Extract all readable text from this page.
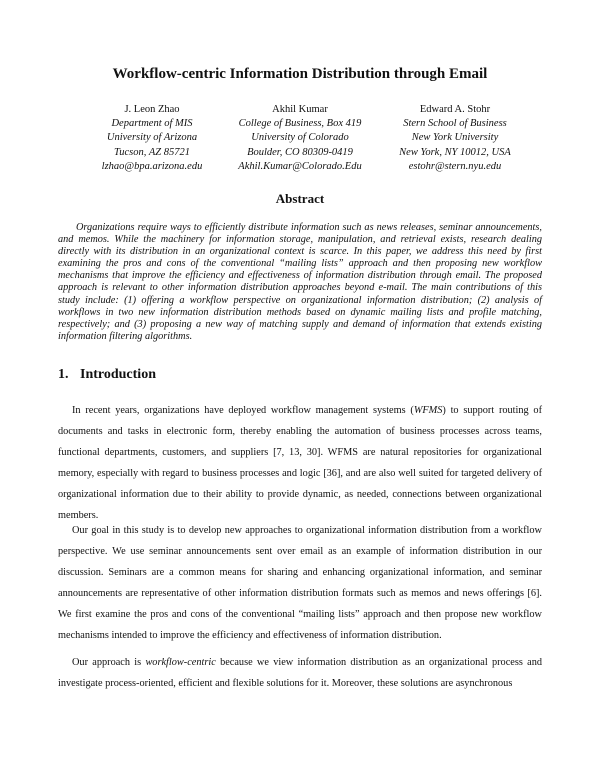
Workflow-centric Information Distribution through Email
J. Leon Zhao
Department of MIS
University of Arizona
Tucson, AZ 85721
lzhao@bpa.arizona.edu
Akhil Kumar
College of Business, Box 419
University of Colorado
Boulder, CO 80309-0419
Akhil.Kumar@Colorado.Edu
Edward A. Stohr
Stern School of Business
New York University
New York, NY 10012, USA
estohr@stern.nyu.edu
Abstract

Organizations require ways to efficiently distribute information such as news releases, seminar announcements, and memos. While the machinery for information storage, manipulation, and retrieval exists, research dealing directly with its distribution in an organizational context is scarce. In this paper, we address this need by first examining the pros and cons of the conventional “mailing lists” approach and then proposing new workflow mechanisms that improve the efficiency and effectiveness of information distribution through email. The proposed approach is relevant to other information distribution approaches beyond e-mail. The main contributions of this study include: (1) offering a workflow perspective on organizational information distribution; (2) analysis of workflows in two new information distribution methods based on dynamic mailing lists and profile matching, respectively; and (3) proposing a new way of matching supply and demand of information that extends existing information filtering algorithms.

1. Introduction

In recent years, organizations have deployed workflow management systems (WFMS) to support routing of documents and tasks in electronic form, thereby enabling the automation of business processes across teams, functional departments, customers, and suppliers [7, 13, 30]. WFMS are natural repositories for organizational memory, especially with regard to business processes and logic [36], and are also well suited for targeted delivery of organizational information due to their ability to provide dynamic, as needed, connections between organizational members.

Our goal in this study is to develop new approaches to organizational information distribution from a workflow perspective. We use seminar announcements sent over email as an example of information distribution in our discussion. Seminars are a common means for sharing and enhancing organizational information, and seminar announcements are representative of other information distribution formats such as memos and news offerings [6]. We first examine the pros and cons of the conventional “mailing lists” approach and then propose new workflow mechanisms intended to improve the efficiency and effectiveness of information distribution.

Our approach is workflow-centric because we view information distribution as an organizational process and investigate process-oriented, efficient and flexible solutions for it. Moreover, these solutions are asynchronous
